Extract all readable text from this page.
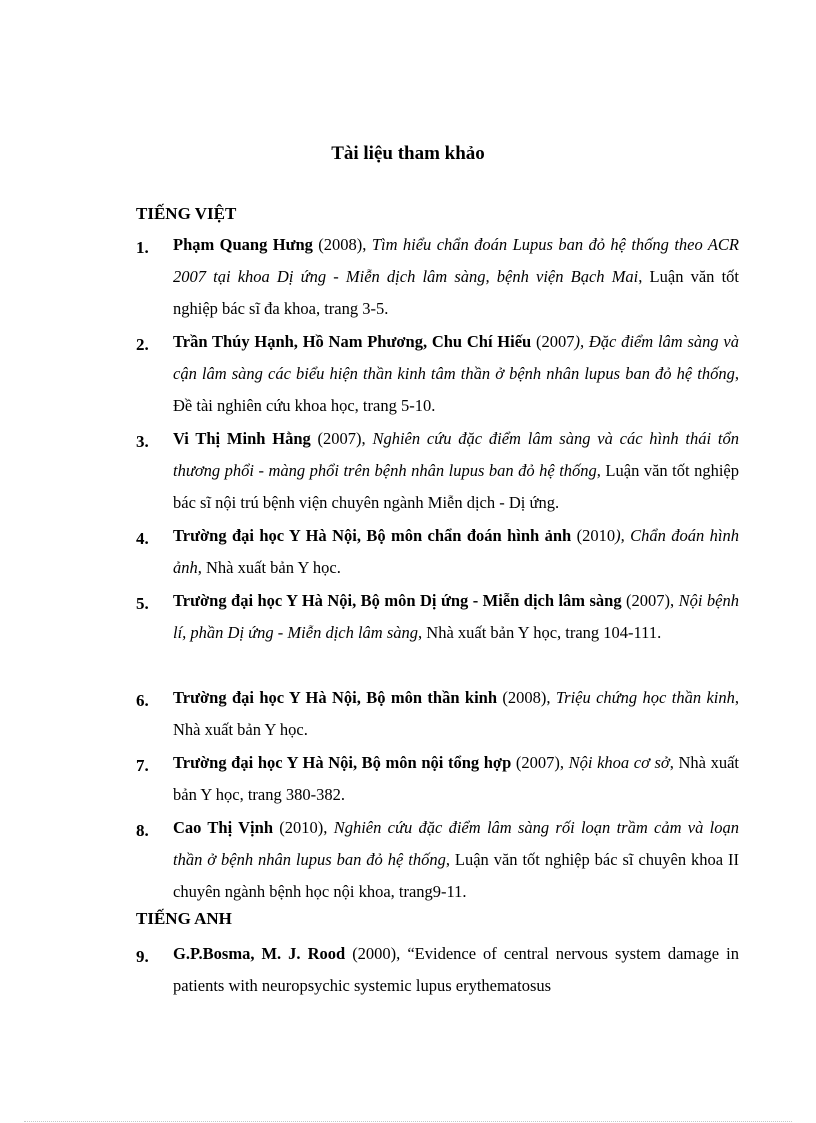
Tài liệu tham khảo
TIẾNG VIỆT
1. Phạm Quang Hưng (2008), Tìm hiểu chẩn đoán Lupus ban đỏ hệ thống theo ACR 2007 tại khoa Dị ứng - Miễn dịch lâm sàng, bệnh viện Bạch Mai, Luận văn tốt nghiệp bác sĩ đa khoa, trang 3-5.
2. Trần Thúy Hạnh, Hồ Nam Phương, Chu Chí Hiếu (2007), Đặc điểm lâm sàng và cận lâm sàng các biểu hiện thần kinh tâm thần ở bệnh nhân lupus ban đỏ hệ thống, Đề tài nghiên cứu khoa học, trang 5-10.
3. Vi Thị Minh Hằng (2007), Nghiên cứu đặc điểm lâm sàng và các hình thái tổn thương phổi - màng phổi trên bệnh nhân lupus ban đỏ hệ thống, Luận văn tốt nghiệp bác sĩ nội trú bệnh viện chuyên ngành Miễn dịch - Dị ứng.
4. Trường đại học Y Hà Nội, Bộ môn chẩn đoán hình ảnh (2010), Chẩn đoán hình ảnh, Nhà xuất bản Y học.
5. Trường đại học Y Hà Nội, Bộ môn Dị ứng - Miễn dịch lâm sàng (2007), Nội bệnh lí, phần Dị ứng - Miễn dịch lâm sàng, Nhà xuất bản Y học, trang 104-111.
6. Trường đại học Y Hà Nội, Bộ môn thần kinh (2008), Triệu chứng học thần kinh, Nhà xuất bản Y học.
7. Trường đại học Y Hà Nội, Bộ môn nội tổng hợp (2007), Nội khoa cơ sở, Nhà xuất bản Y học, trang 380-382.
8. Cao Thị Vịnh (2010), Nghiên cứu đặc điểm lâm sàng rối loạn trầm cảm và loạn thần ở bệnh nhân lupus ban đỏ hệ thống, Luận văn tốt nghiệp bác sĩ chuyên khoa II chuyên ngành bệnh học nội khoa, trang9-11.
TIẾNG ANH
9. G.P.Bosma, M. J. Rood (2000), “Evidence of central nervous system damage in patients with neuropsychic systemic lupus erythematosus
